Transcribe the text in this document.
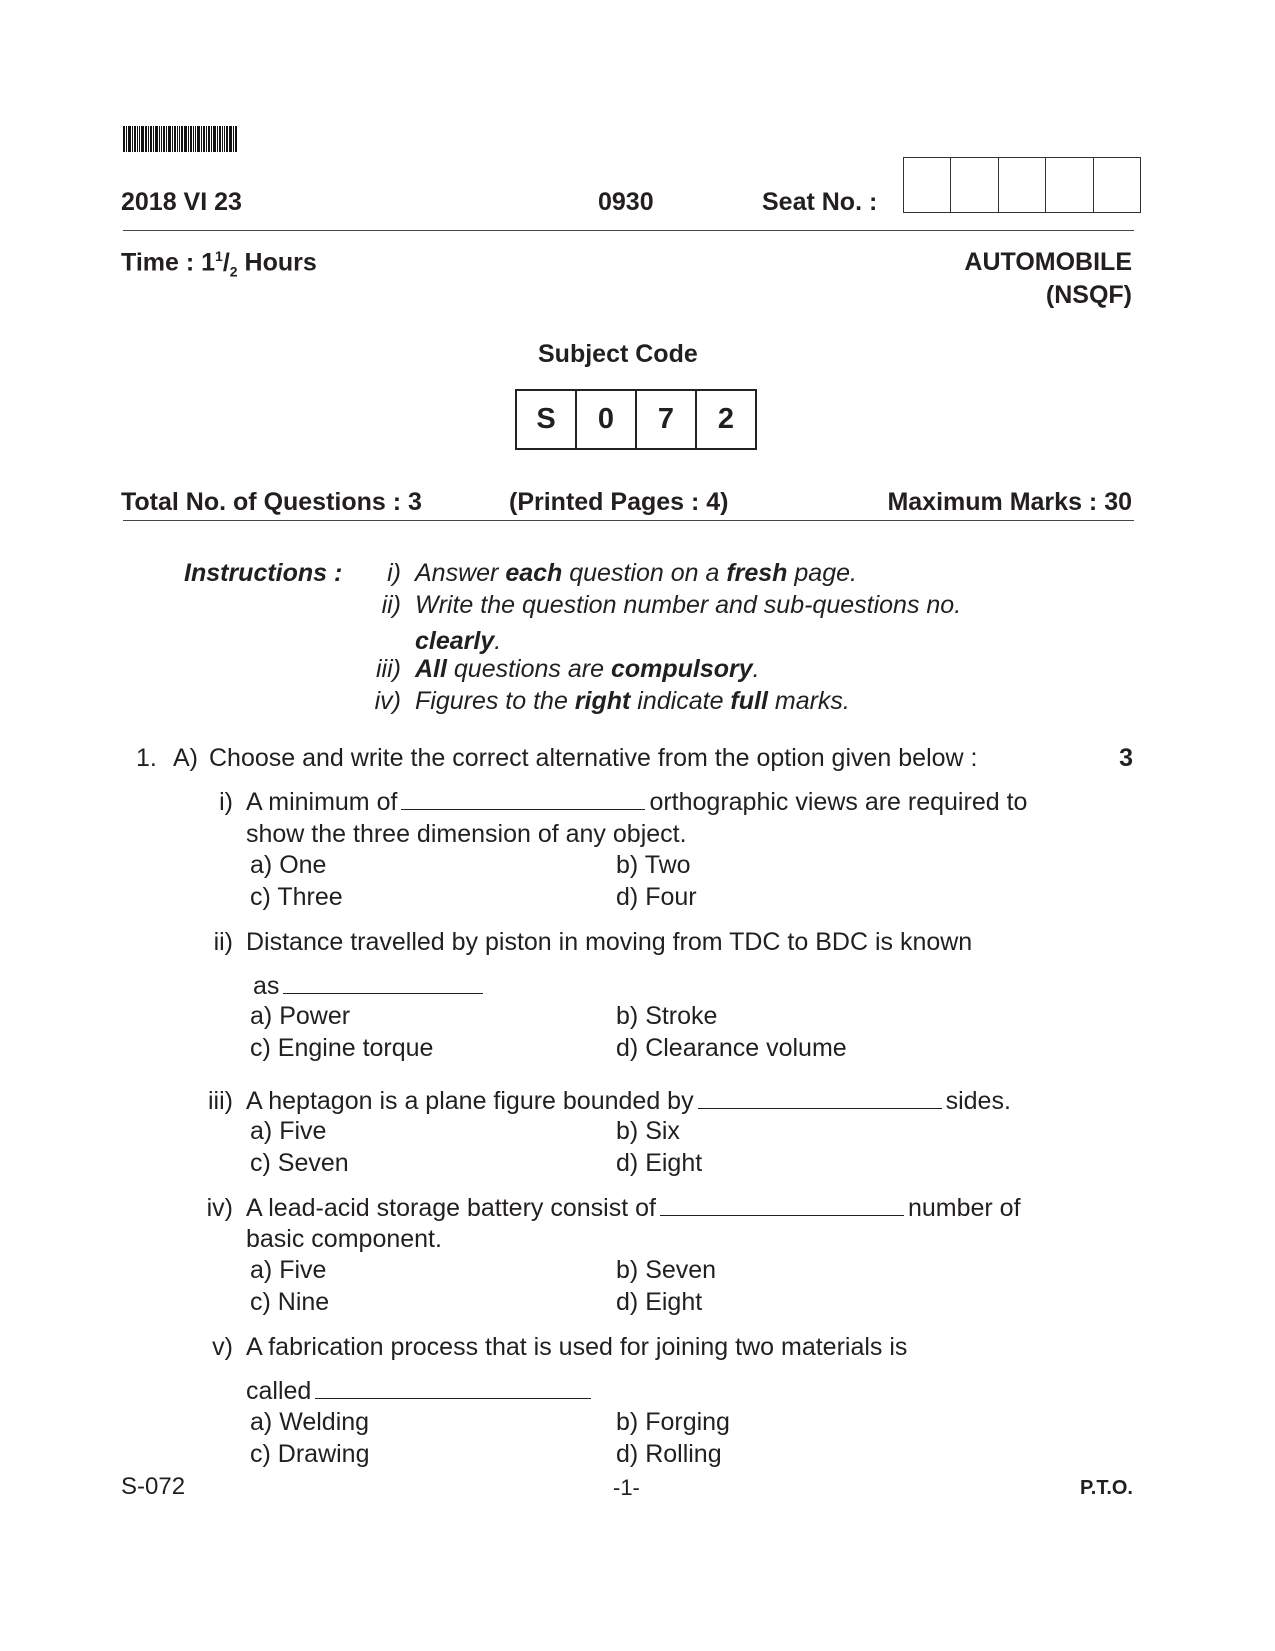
2018 VI 23	0930	Seat No. :
Time : $1^1/_2$ Hours	AUTOMOBILE
(NSQF)
Subject Code
S	0	7	2
Total No. of Questions : 3	(Printed Pages : 4)	Maximum Marks : 30
Instructions : i) Answer each question on a fresh page.
ii) Write the question number and sub-questions no.
clearly.
iii) All questions are compulsory.
iv) Figures to the right indicate full marks.
1. A) Choose and write the correct alternative from the option given below :	3
i) A minimum of	orthographic views are required to
show the three dimension of any object.
a) One	b) Two
c) Three	d) Four
ii) Distance travelled by piston in moving from TDC to BDC is known
as
a) Power	b) Stroke
c) Engine torque	d) Clearance volume
iii) A heptagon is a plane figure bounded by	sides.
a) Five	b) Six
c) Seven	d) Eight
iv) A lead-acid storage battery consist of	number of
basic component.
a) Five	b) Seven
c) Nine	d) Eight
v) A fabrication process that is used for joining two materials is
called
a) Welding	b) Forging
c) Drawing	d) Rolling
S-072	-1-	P.T.O.
